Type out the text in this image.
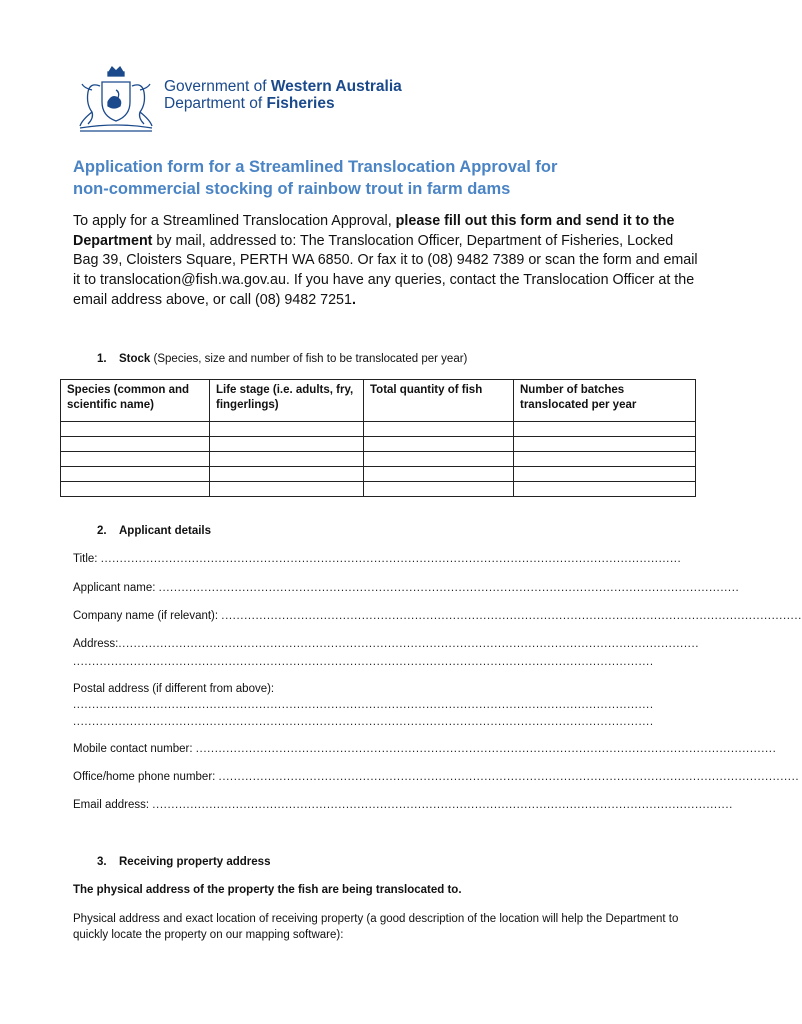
Government of Western Australia
Department of Fisheries
Application form for a Streamlined Translocation Approval for
non-commercial stocking of rainbow trout in farm dams
To apply for a Streamlined Translocation Approval, please fill out this form and send it to the Department by mail, addressed to: The Translocation Officer, Department of Fisheries, Locked Bag 39, Cloisters Square, PERTH WA 6850. Or fax it to (08) 9482 7389 or scan the form and email it to translocation@fish.wa.gov.au. If you have any queries, contact the Translocation Officer at the email address above, or call (08) 9482 7251.
1. Stock (Species, size and number of fish to be translocated per year)
Species (common and scientific name)	Life stage (i.e. adults, fry, fingerlings)	Total quantity of fish	Number of batches translocated per year

2. Applicant details
Title: .........................................................................................................................................................
Applicant name: .........................................................................................................................................................
Company name (if relevant): .........................................................................................................................................................
Address:.........................................................................................................................................................
.........................................................................................................................................................
Postal address (if different from above):
.........................................................................................................................................................
.........................................................................................................................................................
Mobile contact number: .........................................................................................................................................................
Office/home phone number: .........................................................................................................................................................
Email address: .........................................................................................................................................................
3. Receiving property address
The physical address of the property the fish are being translocated to.
Physical address and exact location of receiving property (a good description of the location will help the Department to quickly locate the property on our mapping software):
